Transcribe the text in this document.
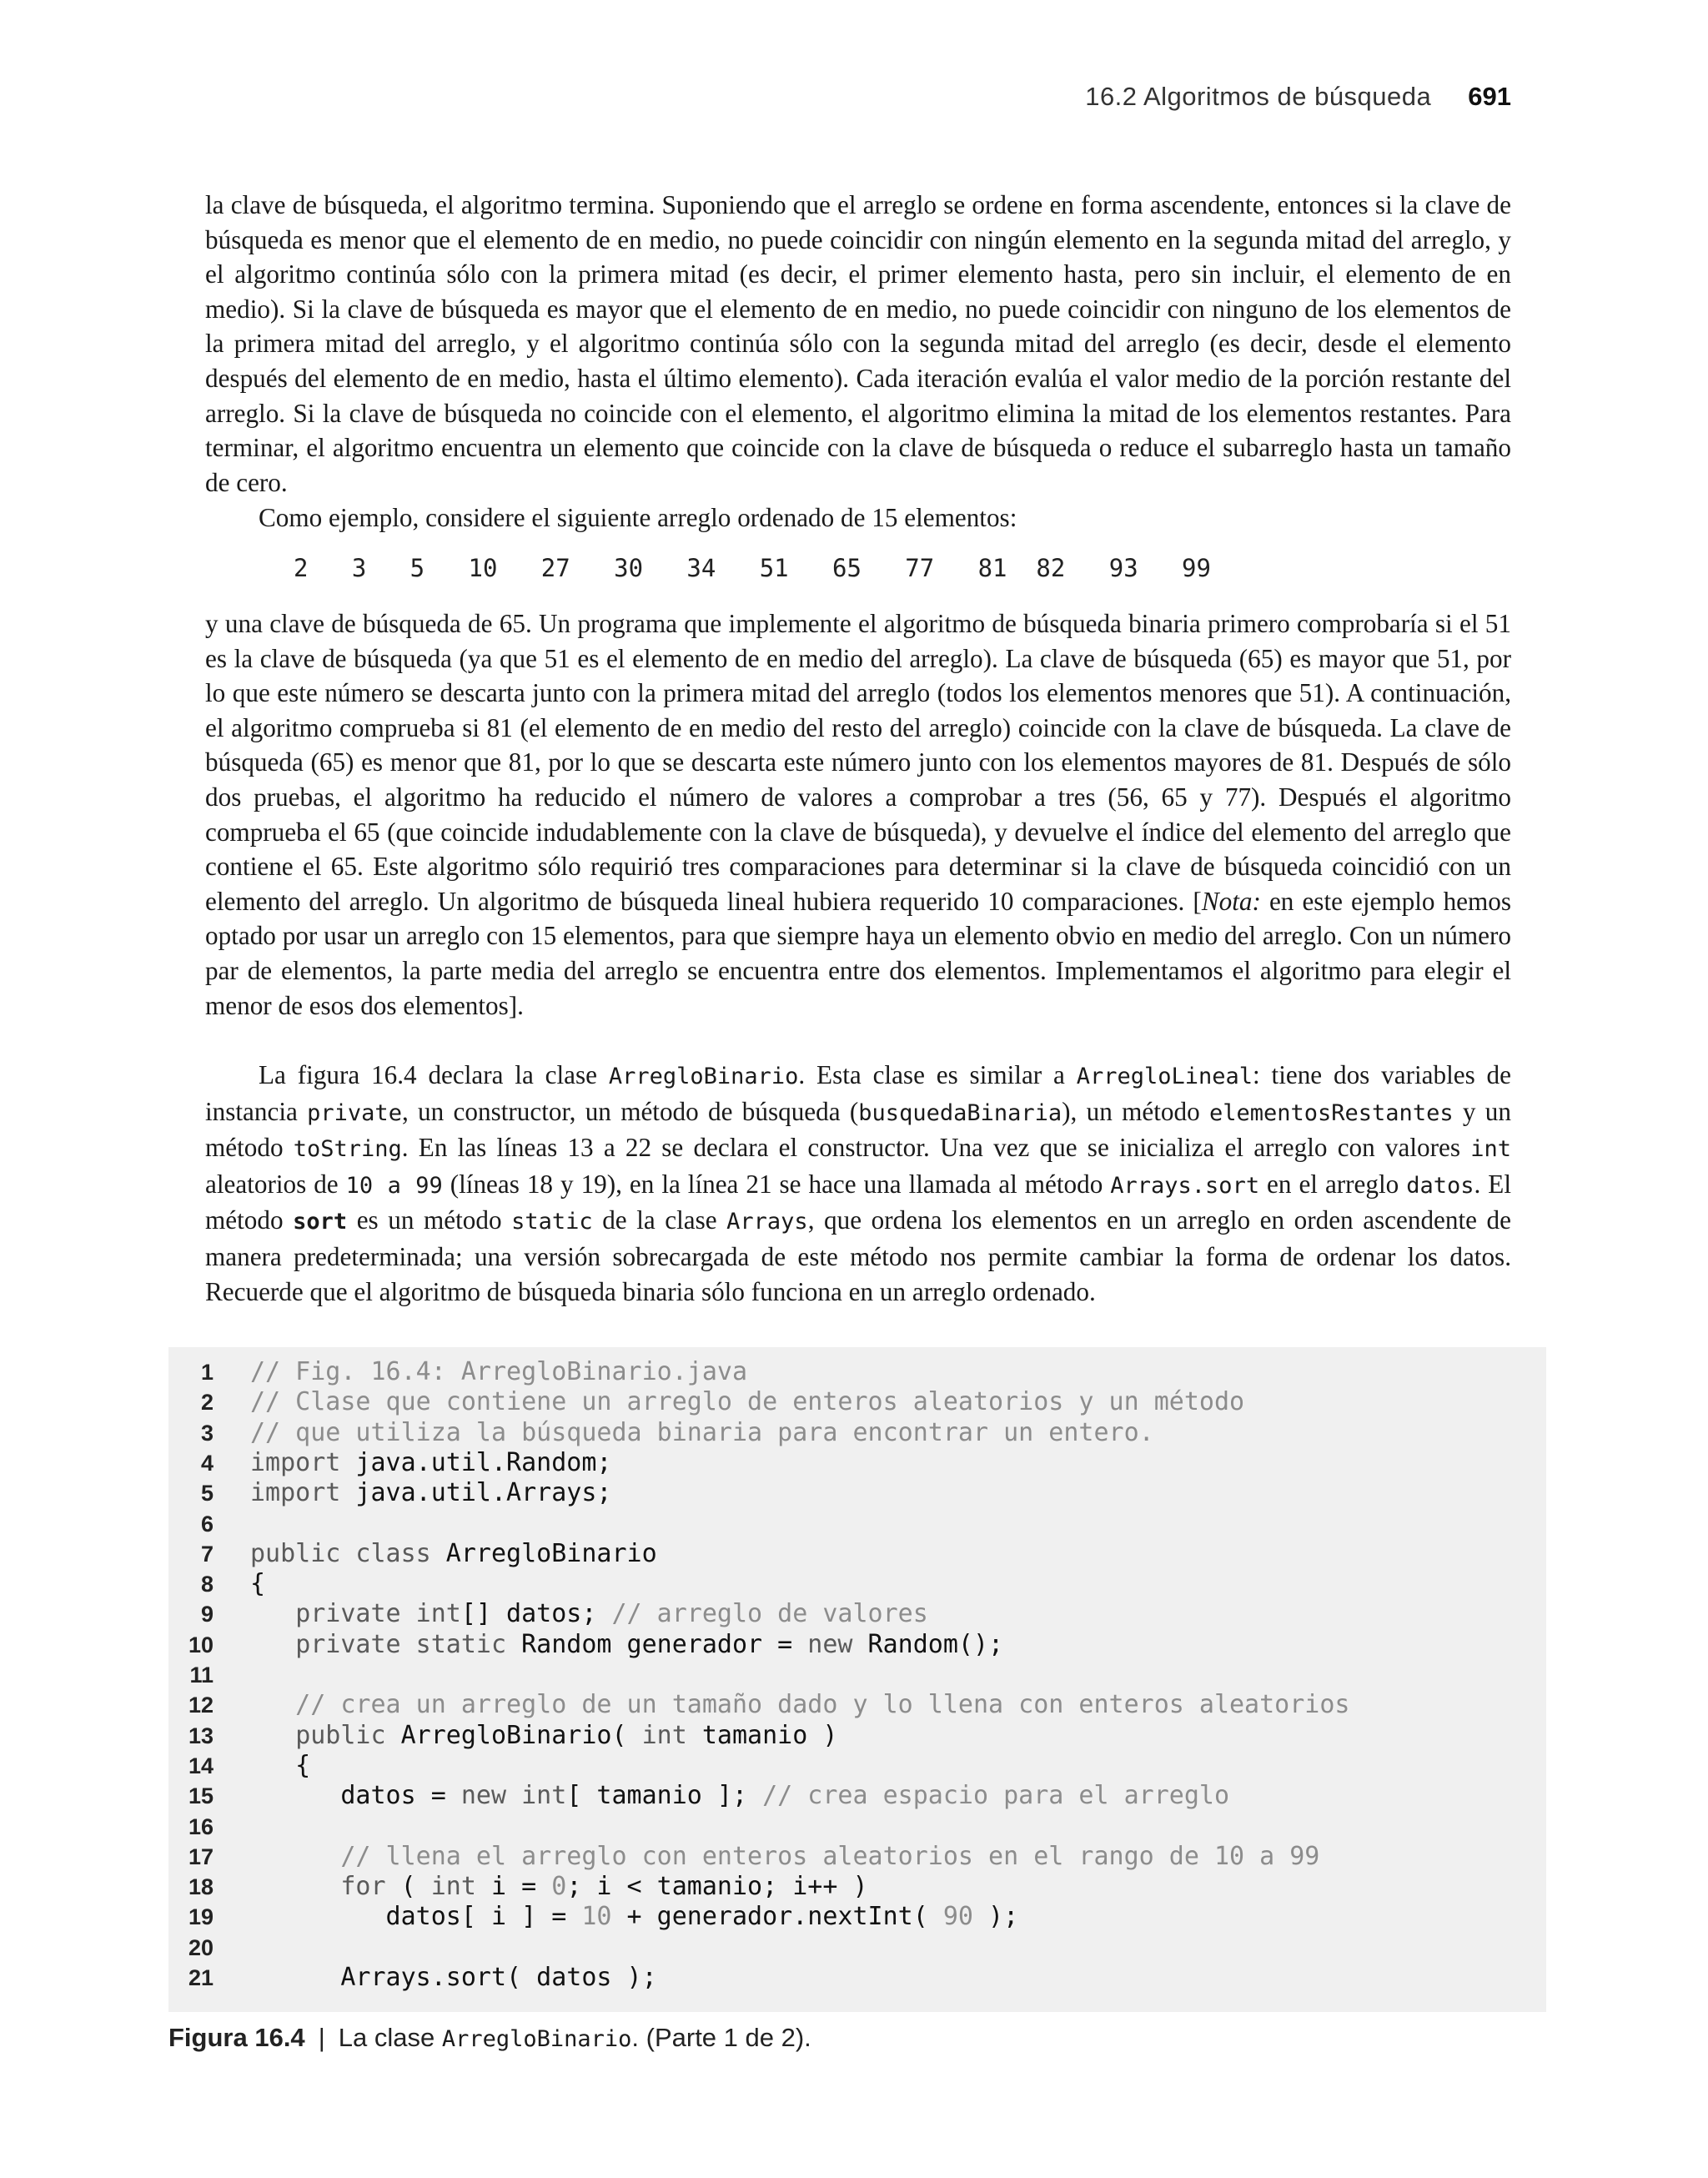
16.2 Algoritmos de búsqueda 691
la clave de búsqueda, el algoritmo termina. Suponiendo que el arreglo se ordene en forma ascendente, entonces si la clave de búsqueda es menor que el elemento de en medio, no puede coincidir con ningún elemento en la segunda mitad del arreglo, y el algoritmo continúa sólo con la primera mitad (es decir, el primer elemento hasta, pero sin incluir, el elemento de en medio). Si la clave de búsqueda es mayor que el elemento de en medio, no puede coincidir con ninguno de los elementos de la primera mitad del arreglo, y el algoritmo continúa sólo con la segunda mitad del arreglo (es decir, desde el elemento después del elemento de en medio, hasta el último elemento). Cada iteración evalúa el valor medio de la porción restante del arreglo. Si la clave de búsqueda no coincide con el elemento, el algoritmo elimina la mitad de los elementos restantes. Para terminar, el algoritmo encuentra un elemento que coincide con la clave de búsqueda o reduce el subarreglo hasta un tamaño de cero.
Como ejemplo, considere el siguiente arreglo ordenado de 15 elementos:
2   3   5   10   27   30   34   51   65   77   81  82   93   99
y una clave de búsqueda de 65. Un programa que implemente el algoritmo de búsqueda binaria primero comprobaría si el 51 es la clave de búsqueda (ya que 51 es el elemento de en medio del arreglo). La clave de búsqueda (65) es mayor que 51, por lo que este número se descarta junto con la primera mitad del arreglo (todos los elementos menores que 51). A continuación, el algoritmo comprueba si 81 (el elemento de en medio del resto del arreglo) coincide con la clave de búsqueda. La clave de búsqueda (65) es menor que 81, por lo que se descarta este número junto con los elementos mayores de 81. Después de sólo dos pruebas, el algoritmo ha reducido el número de valores a comprobar a tres (56, 65 y 77). Después el algoritmo comprueba el 65 (que coincide indudablemente con la clave de búsqueda), y devuelve el índice del elemento del arreglo que contiene el 65. Este algoritmo sólo requirió tres comparaciones para determinar si la clave de búsqueda coincidió con un elemento del arreglo. Un algoritmo de búsqueda lineal hubiera requerido 10 comparaciones. [Nota: en este ejemplo hemos optado por usar un arreglo con 15 elementos, para que siempre haya un elemento obvio en medio del arreglo. Con un número par de elementos, la parte media del arreglo se encuentra entre dos elementos. Implementamos el algoritmo para elegir el menor de esos dos elementos].
La figura 16.4 declara la clase ArregloBinario. Esta clase es similar a ArregloLineal: tiene dos variables de instancia private, un constructor, un método de búsqueda (busquedaBinaria), un método elementosRestantes y un método toString. En las líneas 13 a 22 se declara el constructor. Una vez que se inicializa el arreglo con valores int aleatorios de 10 a 99 (líneas 18 y 19), en la línea 21 se hace una llamada al método Arrays.sort en el arreglo datos. El método sort es un método static de la clase Arrays, que ordena los elementos en un arreglo en orden ascendente de manera predeterminada; una versión sobrecargada de este método nos permite cambiar la forma de ordenar los datos. Recuerde que el algoritmo de búsqueda binaria sólo funciona en un arreglo ordenado.
1 // Fig. 16.4: ArregloBinario.java
2 // Clase que contiene un arreglo de enteros aleatorios y un método
3 // que utiliza la búsqueda binaria para encontrar un entero.
4 import java.util.Random;
5 import java.util.Arrays;
6
7 public class ArregloBinario
8 {
9	private int[] datos; // arreglo de valores
10	private static Random generador = new Random();
11
12 // crea un arreglo de un tamaño dado y lo llena con enteros aleatorios
13	public ArregloBinario( int tamanio )
14 {
15 datos = new int[ tamanio ]; // crea espacio para el arreglo
16
17 // llena el arreglo con enteros aleatorios en el rango de 10 a 99
18	for ( int i = 0; i < tamanio; i++ )
19 datos[ i ] = 10 + generador.nextInt( 90 );
20
21 Arrays.sort( datos );
Figura 16.4 | La clase ArregloBinario. (Parte 1 de 2).
